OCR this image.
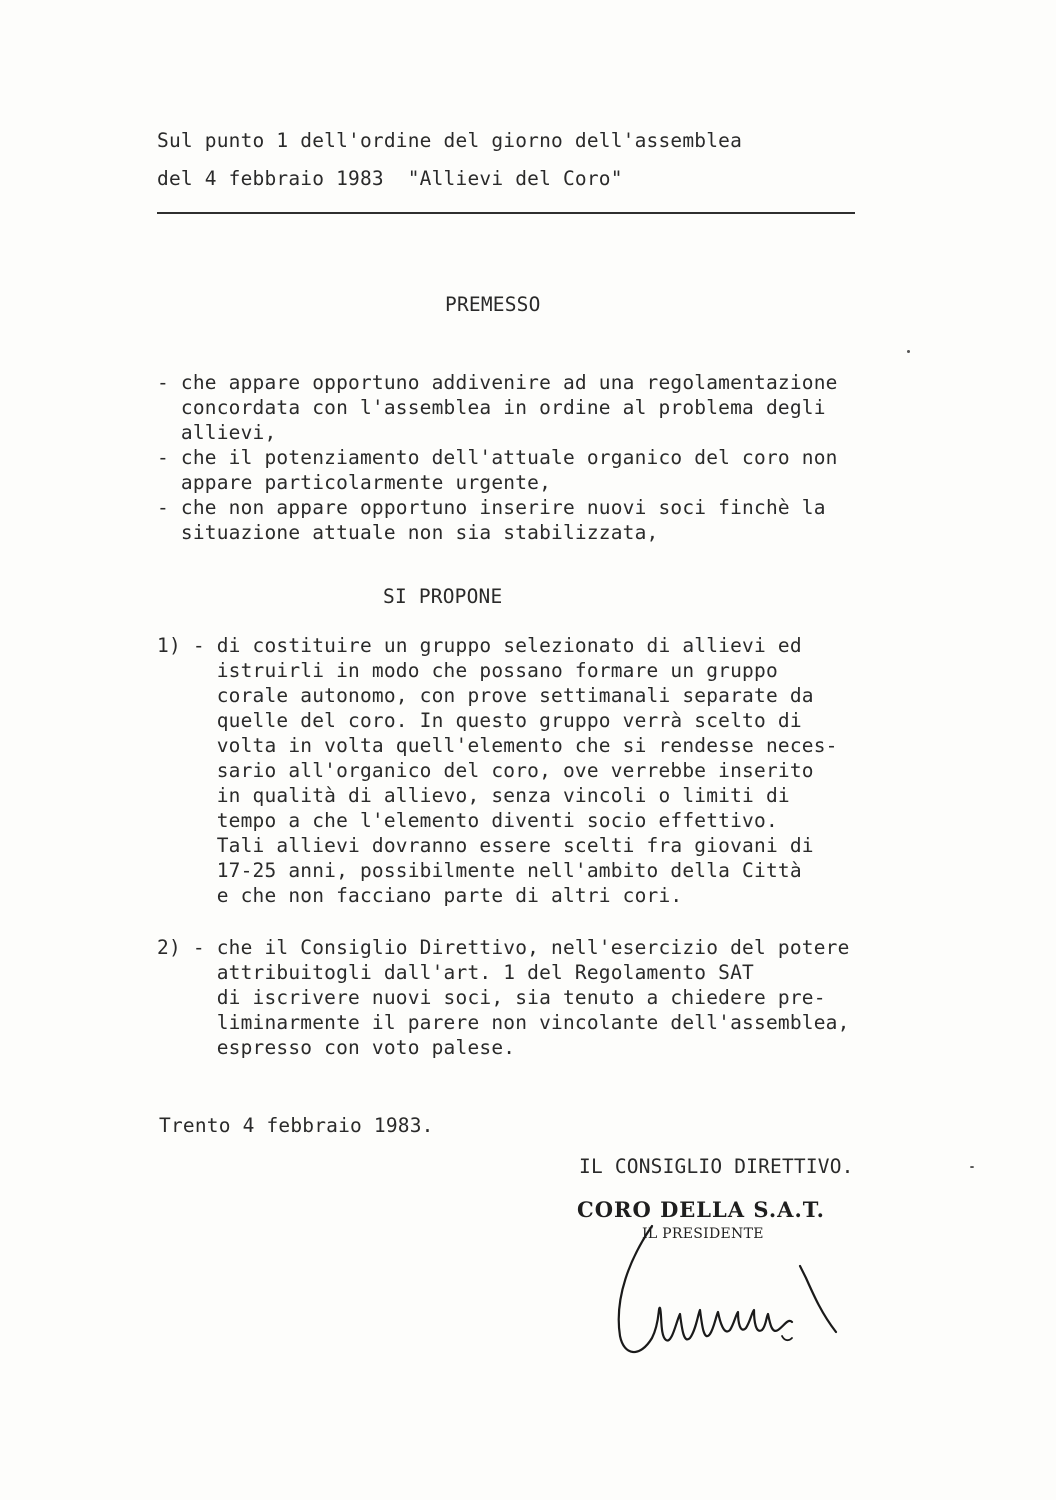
Sul punto 1 dell'ordine del giorno dell'assemblea
del 4 febbraio 1983  "Allievi del Coro"
PREMESSO
- che appare opportuno addivenire ad una regolamentazione
concordata con l'assemblea in ordine al problema degli
allievi,
- che il potenziamento dell'attuale organico del coro non
appare particolarmente urgente,
- che non appare opportuno inserire nuovi soci finchè la
situazione attuale non sia stabilizzata,
SI PROPONE
1) - di costituire un gruppo selezionato di allievi ed
istruirli in modo che possano formare un gruppo
corale autonomo, con prove settimanali separate da
quelle del coro. In questo gruppo verrà scelto di
volta in volta quell'elemento che si rendesse neces-
sario all'organico del coro, ove verrebbe inserito
in qualità di allievo, senza vincoli o limiti di
tempo a che l'elemento diventi socio effettivo.
Tali allievi dovranno essere scelti fra giovani di
17-25 anni, possibilmente nell'ambito della Città
e che non facciano parte di altri cori.
2) - che il Consiglio Direttivo, nell'esercizio del potere
attribuitogli dall'art. 1 del Regolamento SAT
di iscrivere nuovi soci, sia tenuto a chiedere pre-
liminarmente il parere non vincolante dell'assemblea,
espresso con voto palese.
Trento 4 febbraio 1983.
IL CONSIGLIO DIRETTIVO.
CORO DELLA S.A.T.
IL PRESIDENTE
